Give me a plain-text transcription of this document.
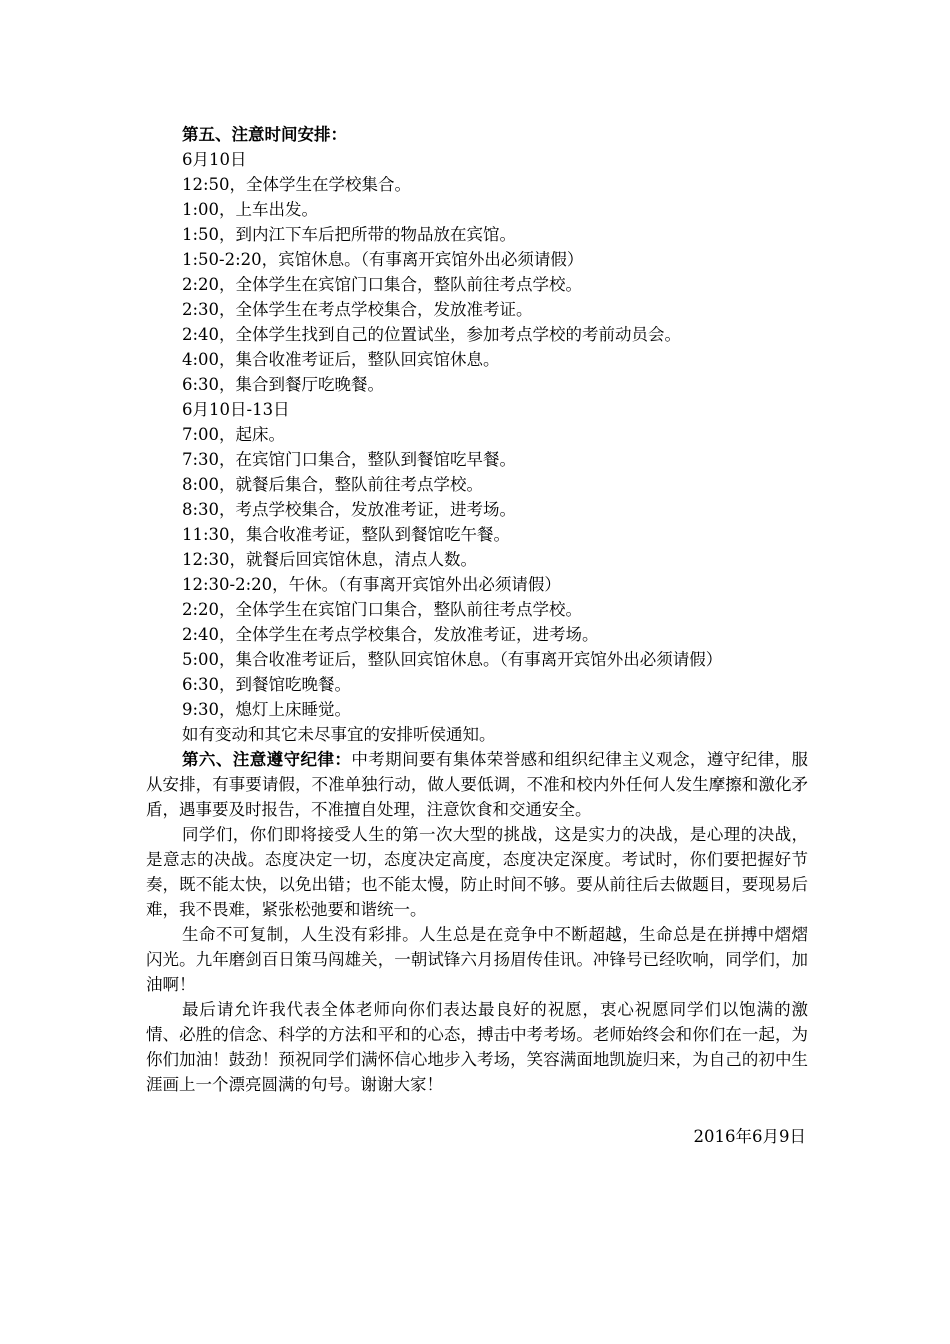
第五、注意时间安排：
6月10日
12:50，全体学生在学校集合。
1:00，上车出发。
1:50，到内江下车后把所带的物品放在宾馆。
1:50-2:20，宾馆休息。（有事离开宾馆外出必须请假）
2:20，全体学生在宾馆门口集合，整队前往考点学校。
2:30，全体学生在考点学校集合，发放准考证。
2:40，全体学生找到自己的位置试坐，参加考点学校的考前动员会。
4:00，集合收准考证后，整队回宾馆休息。
6:30，集合到餐厅吃晚餐。
6月10日-13日
7:00，起床。
7:30，在宾馆门口集合，整队到餐馆吃早餐。
8:00，就餐后集合，整队前往考点学校。
8:30，考点学校集合，发放准考证，进考场。
11:30，集合收准考证，整队到餐馆吃午餐。
12:30，就餐后回宾馆休息，清点人数。
12:30-2:20，午休。（有事离开宾馆外出必须请假）
2:20，全体学生在宾馆门口集合，整队前往考点学校。
2:40，全体学生在考点学校集合，发放准考证，进考场。
5:00，集合收准考证后，整队回宾馆休息。（有事离开宾馆外出必须请假）
6:30，到餐馆吃晚餐。
9:30，熄灯上床睡觉。
如有变动和其它未尽事宜的安排听侯通知。

第六、注意遵守纪律：中考期间要有集体荣誉感和组织纪律主义观念，遵守纪律，服从安排，有事要请假，不准单独行动，做人要低调，不准和校内外任何人发生摩擦和激化矛盾，遇事要及时报告，不准擅自处理，注意饮食和交通安全。

同学们，你们即将接受人生的第一次大型的挑战，这是实力的决战，是心理的决战，是意志的决战。态度决定一切，态度决定高度，态度决定深度。考试时，你们要把握好节奏，既不能太快，以免出错；也不能太慢，防止时间不够。要从前往后去做题目，要现易后难，我不畏难，紧张松弛要和谐统一。

生命不可复制，人生没有彩排。人生总是在竞争中不断超越，生命总是在拼搏中熠熠闪光。九年磨剑百日策马闯雄关，一朝试锋六月扬眉传佳讯。冲锋号已经吹响，同学们，加油啊！

最后请允许我代表全体老师向你们表达最良好的祝愿，衷心祝愿同学们以饱满的激情、必胜的信念、科学的方法和平和的心态，搏击中考考场。老师始终会和你们在一起，为你们加油！鼓劲！预祝同学们满怀信心地步入考场，笑容满面地凯旋归来，为自己的初中生涯画上一个漂亮圆满的句号。谢谢大家！

2016年6月9日
